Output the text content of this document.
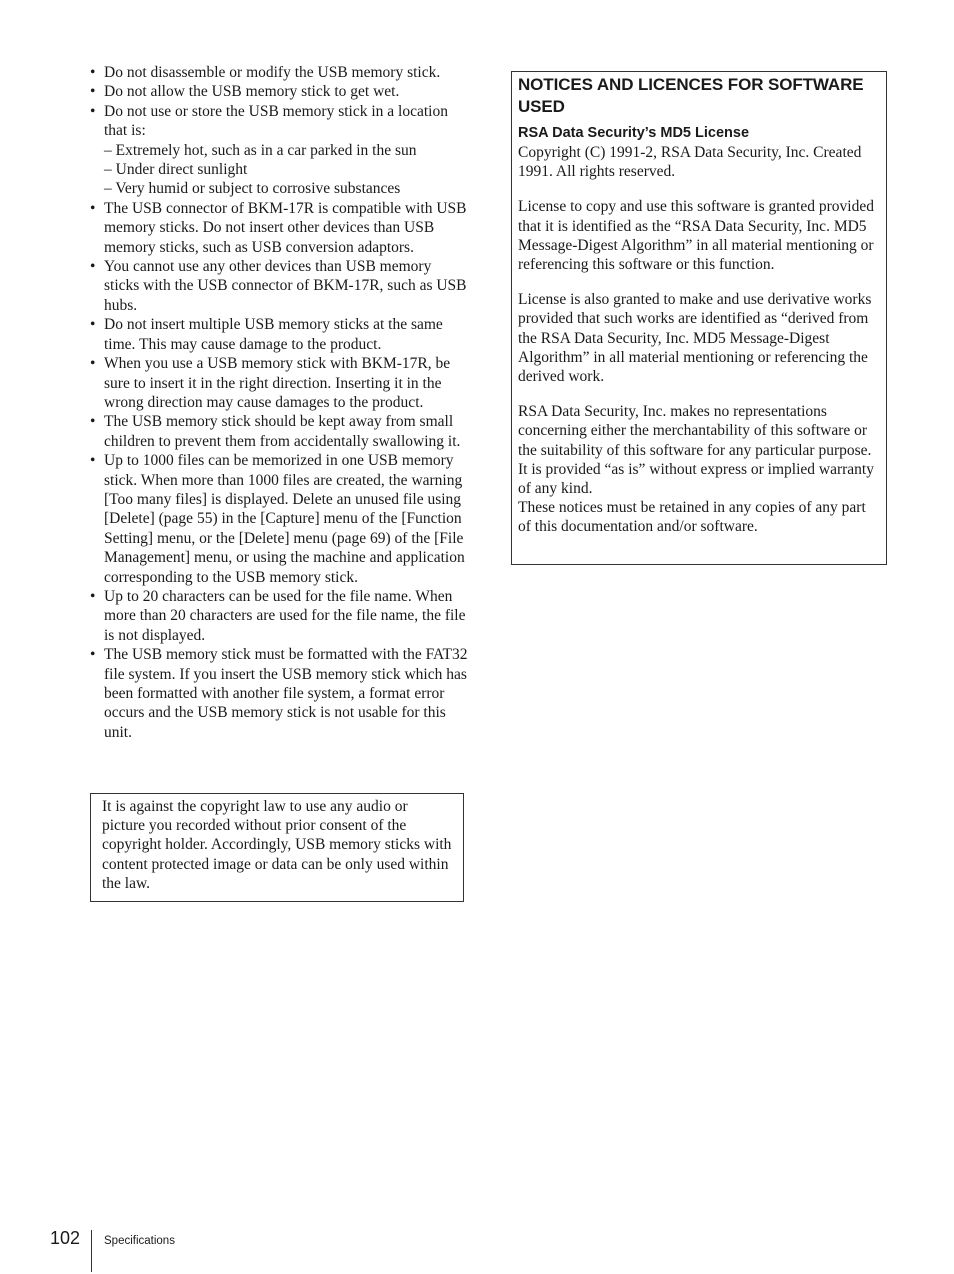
• Do not disassemble or modify the USB memory stick.
• Do not allow the USB memory stick to get wet.
• Do not use or store the USB memory stick in a location that is:
– Extremely hot, such as in a car parked in the sun
– Under direct sunlight
– Very humid or subject to corrosive substances
• The USB connector of BKM-17R is compatible with USB memory sticks. Do not insert other devices than USB memory sticks, such as USB conversion adaptors.
• You cannot use any other devices than USB memory sticks with the USB connector of BKM-17R, such as USB hubs.
• Do not insert multiple USB memory sticks at the same time. This may cause damage to the product.
• When you use a USB memory stick with BKM-17R, be sure to insert it in the right direction. Inserting it in the wrong direction may cause damages to the product.
• The USB memory stick should be kept away from small children to prevent them from accidentally swallowing it.
• Up to 1000 files can be memorized in one USB memory stick. When more than 1000 files are created, the warning [Too many files] is displayed. Delete an unused file using [Delete] (page 55) in the [Capture] menu of the [Function Setting] menu, or the [Delete] menu (page 69) of the [File Management] menu, or using the machine and application corresponding to the USB memory stick.
• Up to 20 characters can be used for the file name. When more than 20 characters are used for the file name, the file is not displayed.
• The USB memory stick must be formatted with the FAT32 file system. If you insert the USB memory stick which has been formatted with another file system, a format error occurs and the USB memory stick is not usable for this unit.
It is against the copyright law to use any audio or picture you recorded without prior consent of the copyright holder. Accordingly, USB memory sticks with content protected image or data can be only used within the law.
NOTICES AND LICENCES FOR SOFTWARE USED
RSA Data Security’s MD5 License

Copyright (C) 1991-2, RSA Data Security, Inc. Created 1991. All rights reserved.

License to copy and use this software is granted provided that it is identified as the “RSA Data Security, Inc. MD5 Message-Digest Algorithm” in all material mentioning or referencing this software or this function.

License is also granted to make and use derivative works provided that such works are identified as “derived from the RSA Data Security, Inc. MD5 Message-Digest Algorithm” in all material mentioning or referencing the derived work.

RSA Data Security, Inc. makes no representations concerning either the merchantability of this software or the suitability of this software for any particular purpose. It is provided “as is” without express or implied warranty of any kind.

These notices must be retained in any copies of any part of this documentation and/or software.

102 Specifications
